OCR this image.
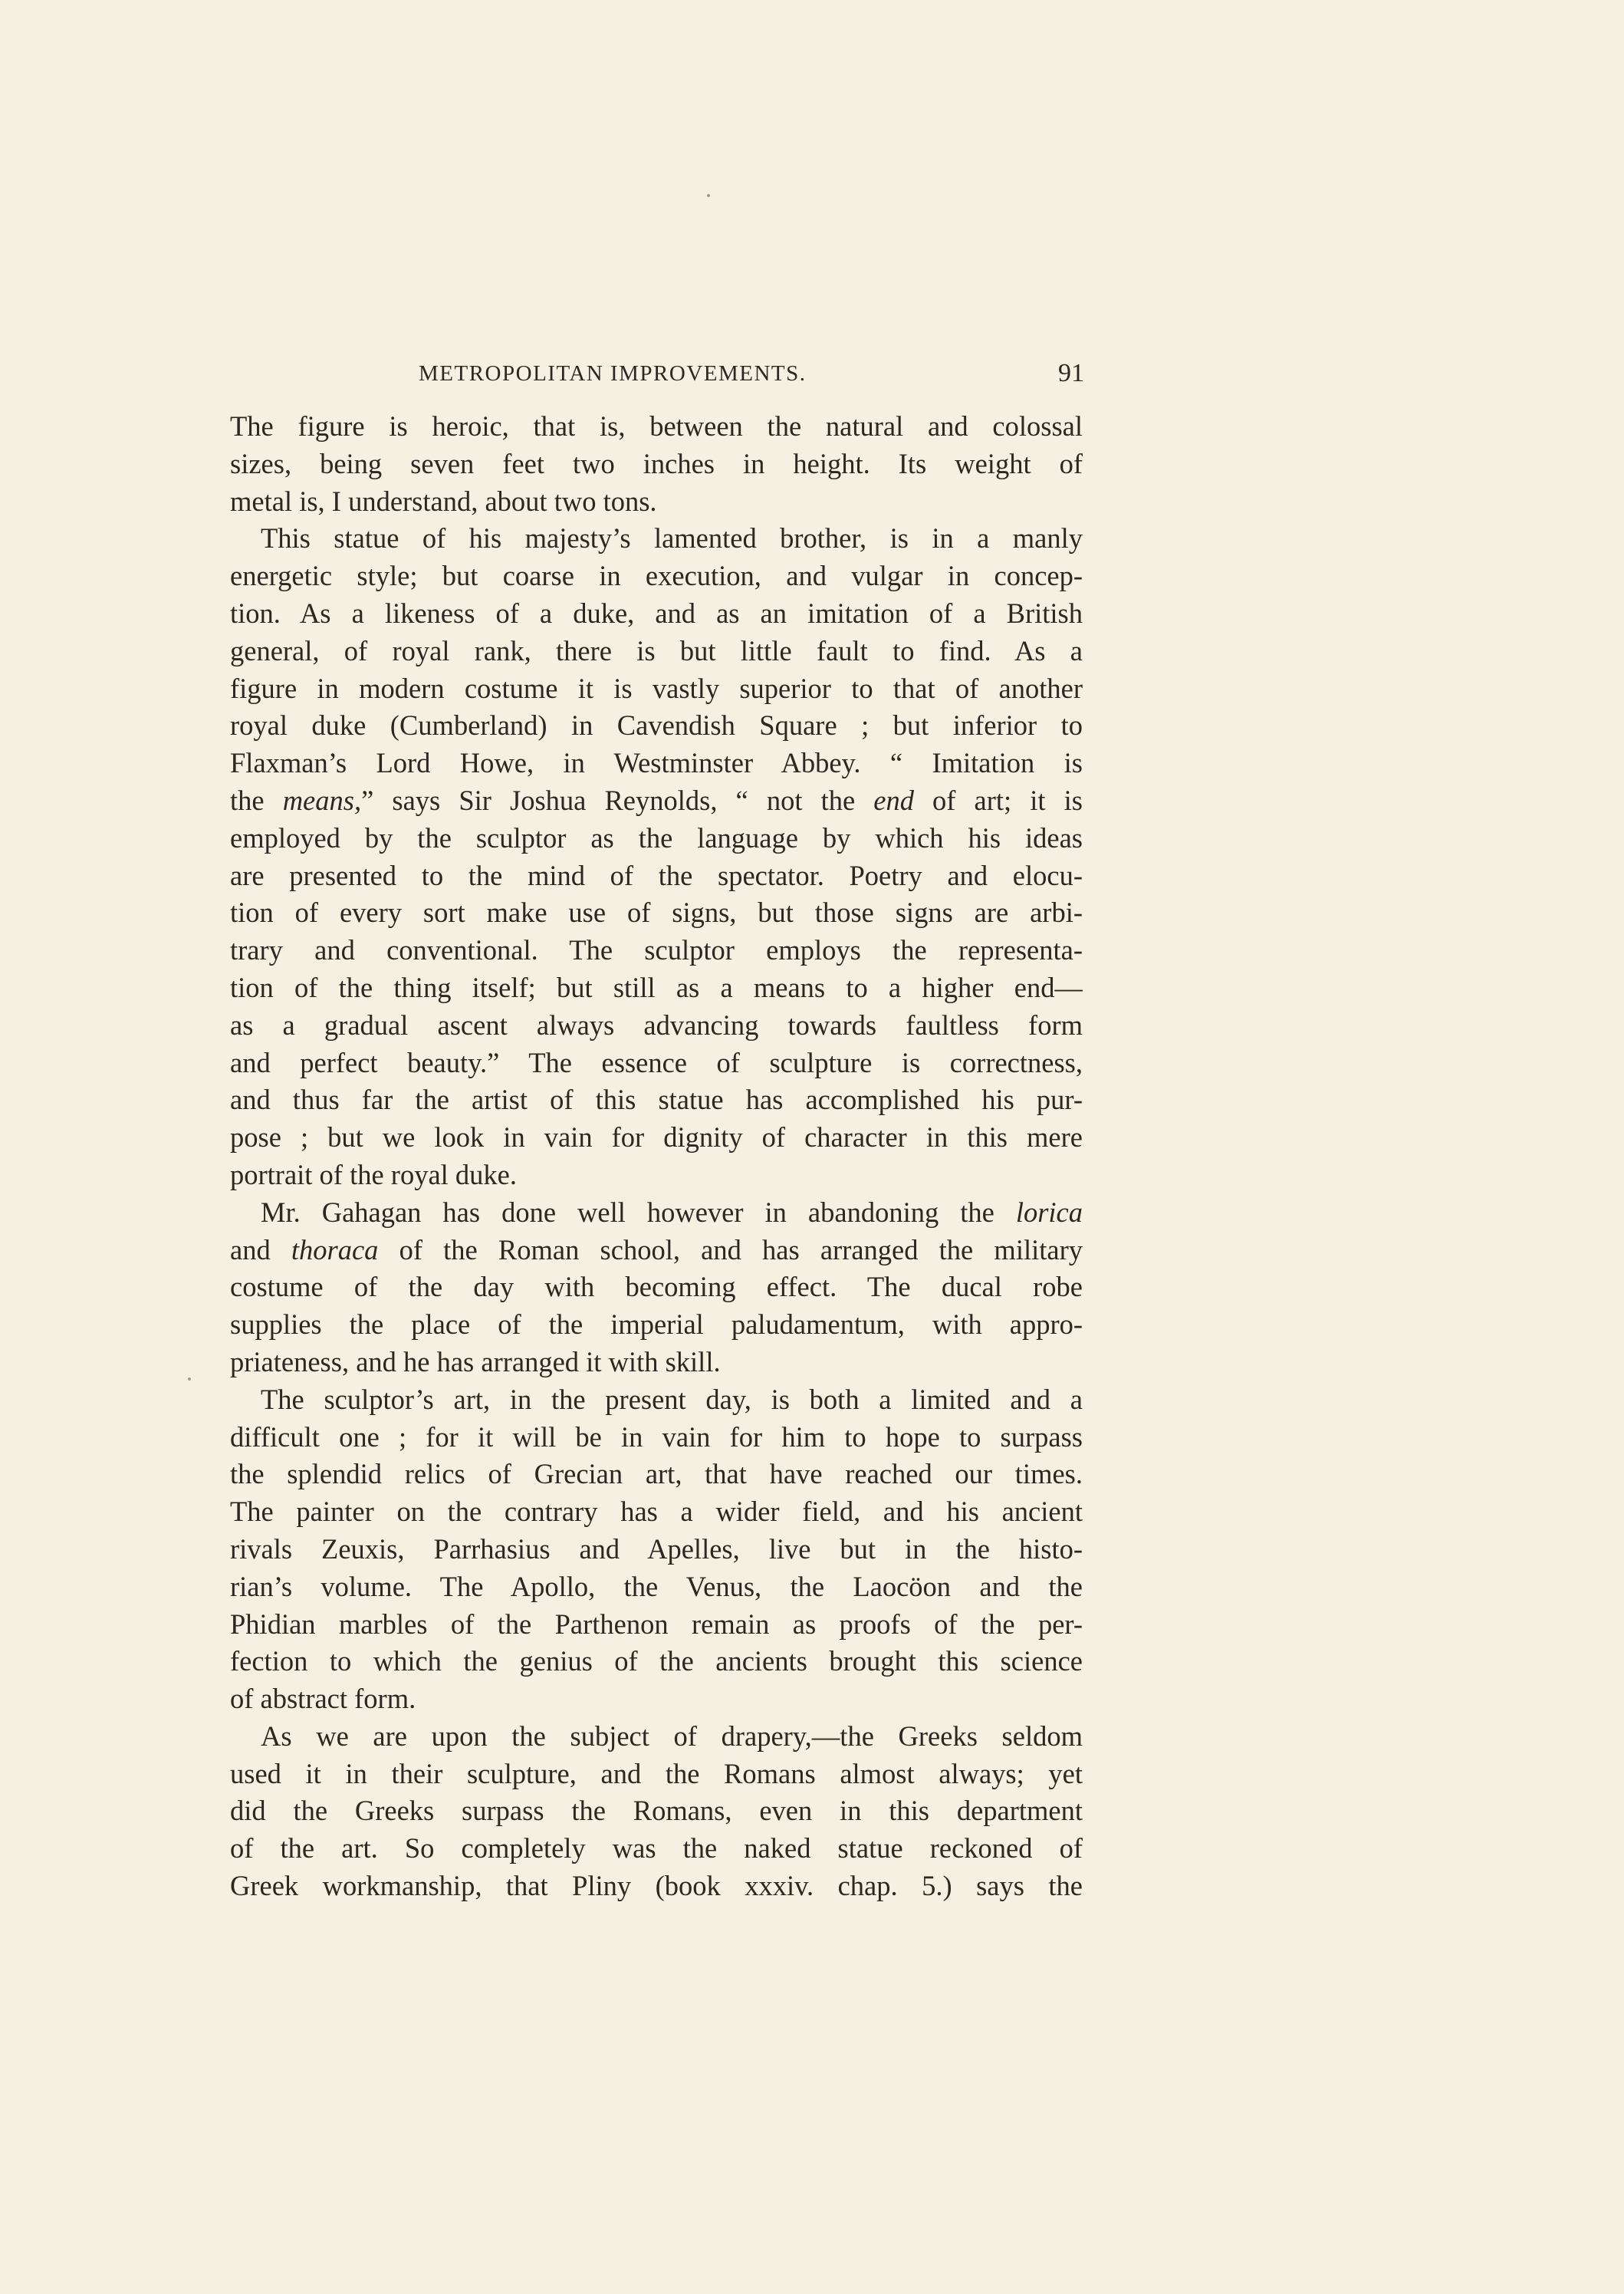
METROPOLITAN IMPROVEMENTS.	91
The figure is heroic, that is, between the natural and colossal
sizes, being seven feet two inches in height. Its weight of
metal is, I understand, about two tons.
This statue of his majesty’s lamented brother, is in a manly
energetic style; but coarse in execution, and vulgar in concep-
tion. As a likeness of a duke, and as an imitation of a British
general, of royal rank, there is but little fault to find. As a
figure in modern costume it is vastly superior to that of another
royal duke (Cumberland) in Cavendish Square ; but inferior to
Flaxman’s Lord Howe, in Westminster Abbey. “ Imitation is
the means,” says Sir Joshua Reynolds, “ not the end of art; it is
employed by the sculptor as the language by which his ideas
are presented to the mind of the spectator. Poetry and elocu-
tion of every sort make use of signs, but those signs are arbi-
trary and conventional. The sculptor employs the representa-
tion of the thing itself; but still as a means to a higher end—
as a gradual ascent always advancing towards faultless form
and perfect beauty.” The essence of sculpture is correctness,
and thus far the artist of this statue has accomplished his pur-
pose ; but we look in vain for dignity of character in this mere
portrait of the royal duke.
Mr. Gahagan has done well however in abandoning the lorica
and thoraca of the Roman school, and has arranged the military
costume of the day with becoming effect. The ducal robe
supplies the place of the imperial paludamentum, with appro-
priateness, and he has arranged it with skill.
The sculptor’s art, in the present day, is both a limited and a
difficult one ; for it will be in vain for him to hope to surpass
the splendid relics of Grecian art, that have reached our times.
The painter on the contrary has a wider field, and his ancient
rivals Zeuxis, Parrhasius and Apelles, live but in the histo-
rian’s volume. The Apollo, the Venus, the Laocöon and the
Phidian marbles of the Parthenon remain as proofs of the per-
fection to which the genius of the ancients brought this science
of abstract form.
As we are upon the subject of drapery,—the Greeks seldom
used it in their sculpture, and the Romans almost always; yet
did the Greeks surpass the Romans, even in this department
of the art. So completely was the naked statue reckoned of
Greek workmanship, that Pliny (book xxxiv. chap. 5.) says the
